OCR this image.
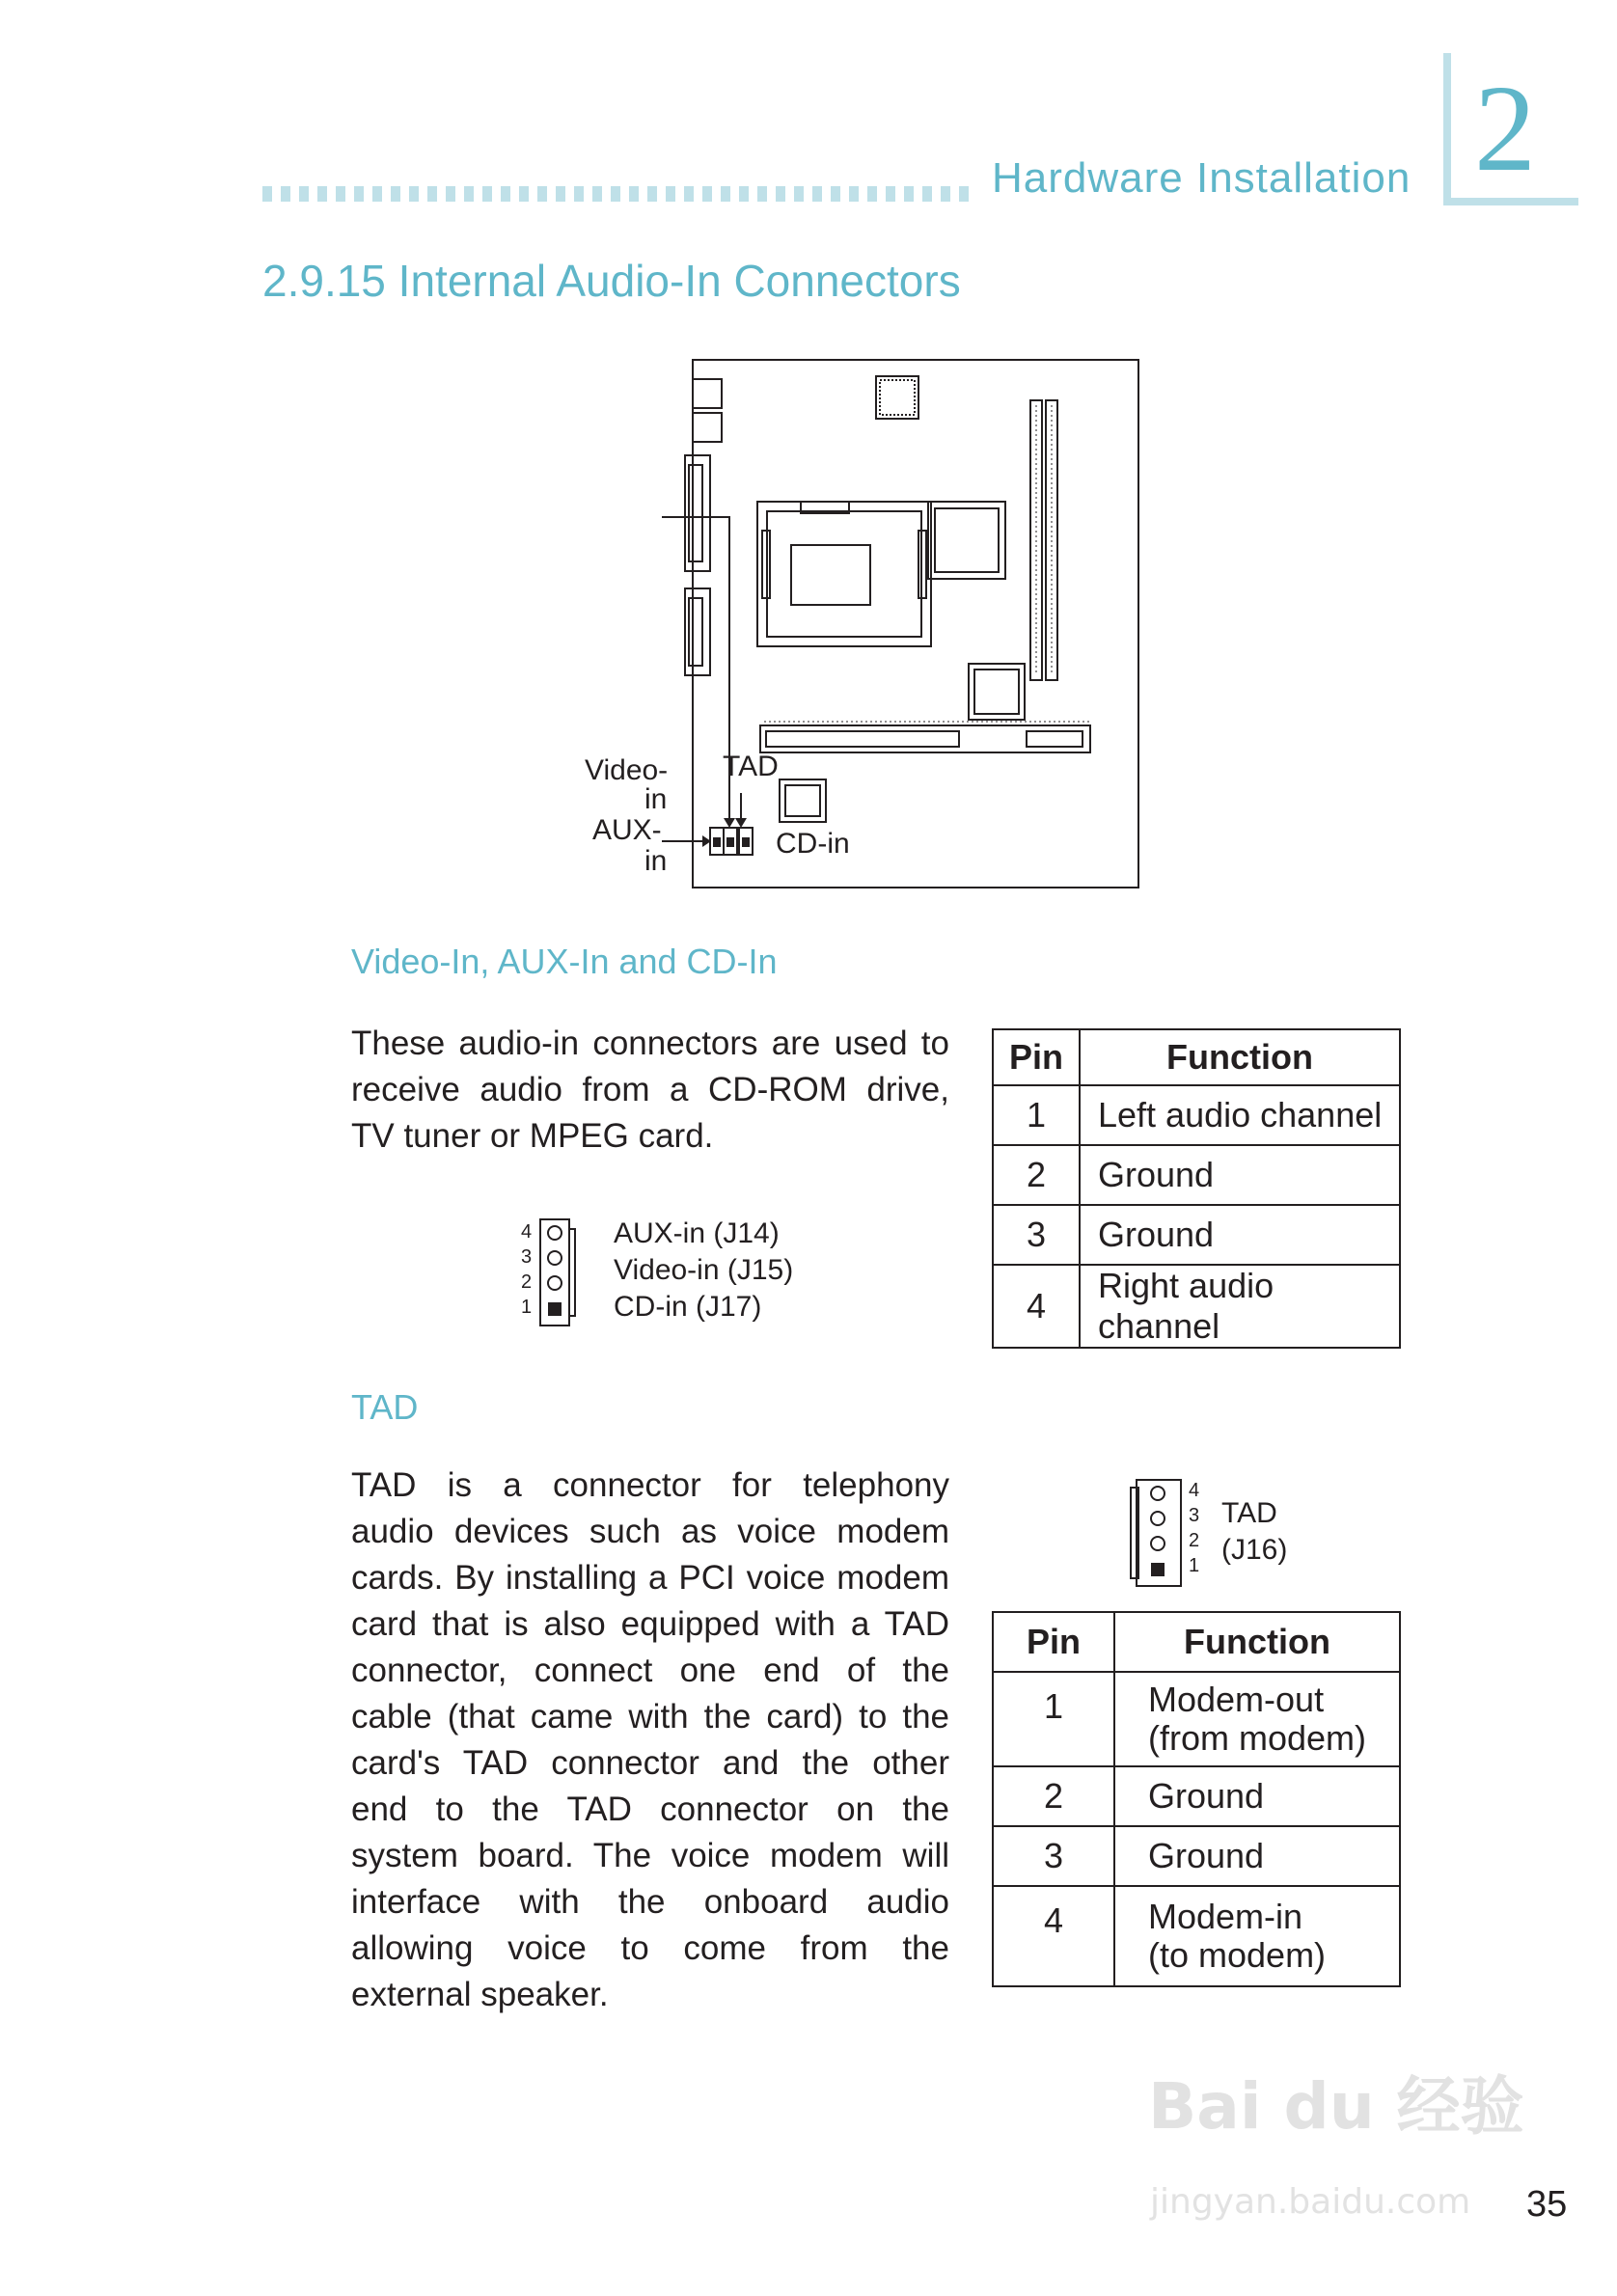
Hardware Installation 2
2.9.15 Internal Audio-In Connectors
Video-
in
TAD
AUX-
in
CD-in
Video-In, AUX-In and CD-In
These audio-in connectors are used to
receive audio from a CD-ROM drive,
TV tuner or MPEG card.
4
3
2
1
AUX-in (J14)
Video-in (J15)
CD-in (J17)
Pin	Function
1	Left audio channel
2	Ground
3	Ground
4	Right audio channel
TAD
TAD is a connector for telephony
audio devices such as voice modem
cards. By installing a PCI voice modem
card that is also equipped with a TAD
connector, connect one end of the
cable (that came with the card) to the
card's TAD connector and the other
end to the TAD connector on the
system board. The voice modem will
interface with the onboard audio
allowing voice to come from the
external speaker.
4
3
2
1
TAD
(J16)
Pin	Function
1	Modem-out
(from modem)

2	Ground
3	Ground
4	Modem-in
(to modem)
Bai du 经验
jingyan.baidu.com 35
